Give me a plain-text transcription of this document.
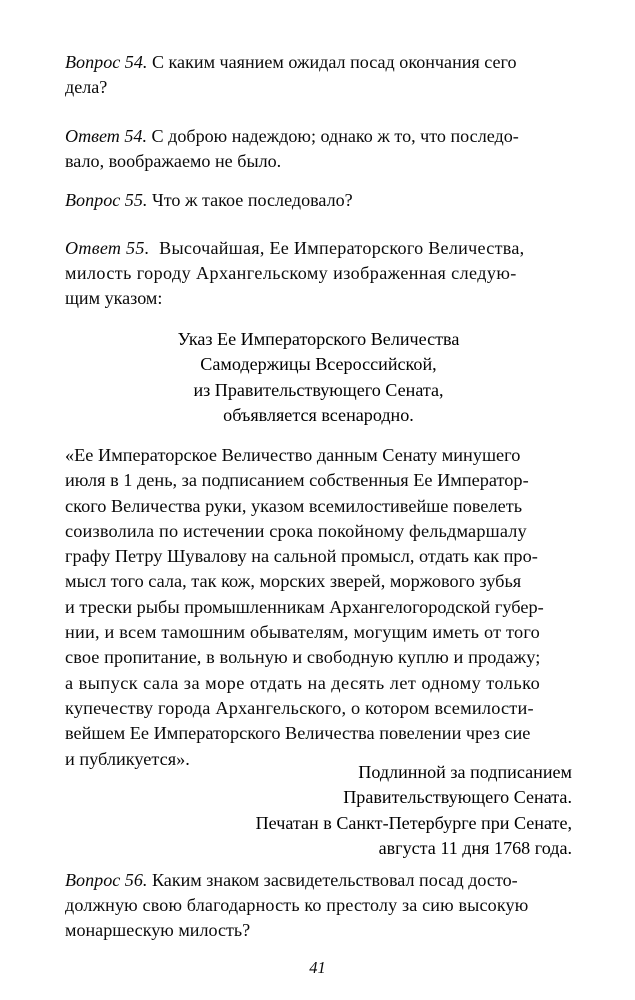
Вопрос 54. С каким чаянием ожидал посад окончания сего
дела?
Ответ 54. С доброю надеждою; однако ж то, что последо-
вало, воображаемо не было.
Вопрос 55. Что ж такое последовало?
Ответ 55. Высочайшая, Ее Императорского Величества,
милость городу Архангельскому изображенная следую-
щим указом:
Указ Ее Императорского Величества
Самодержицы Всероссийской,
из Правительствующего Сената,
объявляется всенародно.
«Ее Императорское Величество данным Сенату минушего
июля в 1 день, за подписанием собственныя Ее Император-
ского Величества руки, указом всемилостивейше повелеть
соизволила по истечении срока покойному фельдмаршалу
графу Петру Шувалову на сальной промысл, отдать как про-
мысл того сала, так кож, морских зверей, моржового зубья
и трески рыбы промышленникам Архангелогородской губер-
нии, и всем тамошним обывателям, могущим иметь от того
свое пропитание, в вольную и свободную куплю и продажу;
а выпуск сала за море отдать на десять лет одному только
купечеству города Архангельского, о котором всемилости-
вейшем Ее Императорского Величества повелении чрез сие
и публикуется».
Подлинной за подписанием
Правительствующего Сената.
Печатан в Санкт-Петербурге при Сенате,
августа 11 дня 1768 года.
Вопрос 56. Каким знаком засвидетельствовал посад досто-
должную свою благодарность ко престолу за сию высокую
монаршескую милость?
41
